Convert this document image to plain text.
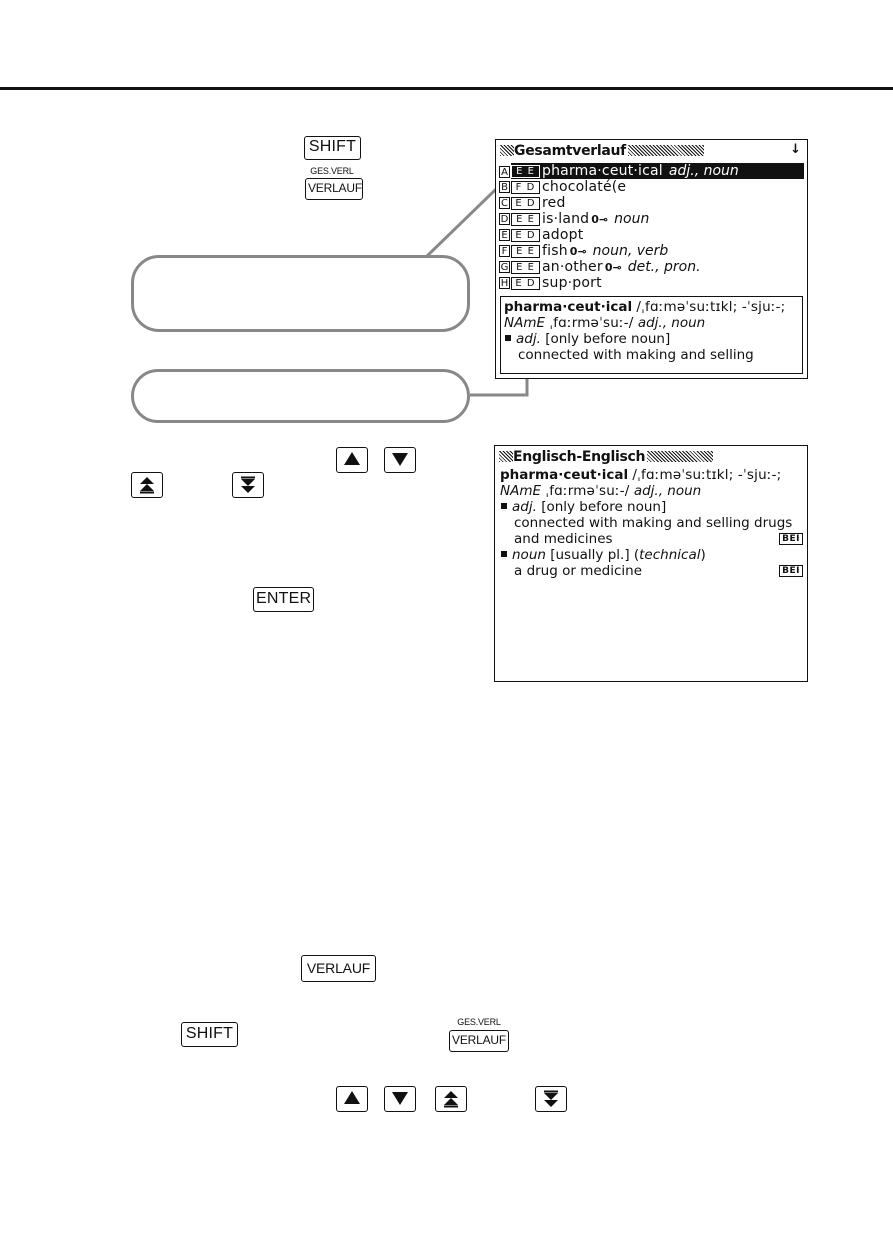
SHIFT
GES.VERL
VERLAUF
Gesamtverlauf	↓
A E E pharma·ceut·ical adj., noun
B F D chocolaté(e
C E D red
D E E is·land 0⊸ noun
E E D adopt
F E E fish 0⊸ noun, verb
G E E an·other 0⊸ det., pron.
H E D sup·port
pharma·ceut·ical /ˌfɑːməˈsuːtɪkl; -ˈsjuː-;
NAmE ˌfɑːrməˈsuː-/ adj., noun
adj. [only before noun]
connected with making and selling
ENTER
Englisch-Englisch
pharma·ceut·ical /ˌfɑːməˈsuːtɪkl; -ˈsjuː-;
NAmE ˌfɑːrməˈsuː-/ adj., noun
adj. [only before noun]
connected with making and selling drugs
and medicines	BEI
noun [usually pl.] (technical)
a drug or medicine	BEI
VERLAUF
SHIFT
GES.VERL
VERLAUF
